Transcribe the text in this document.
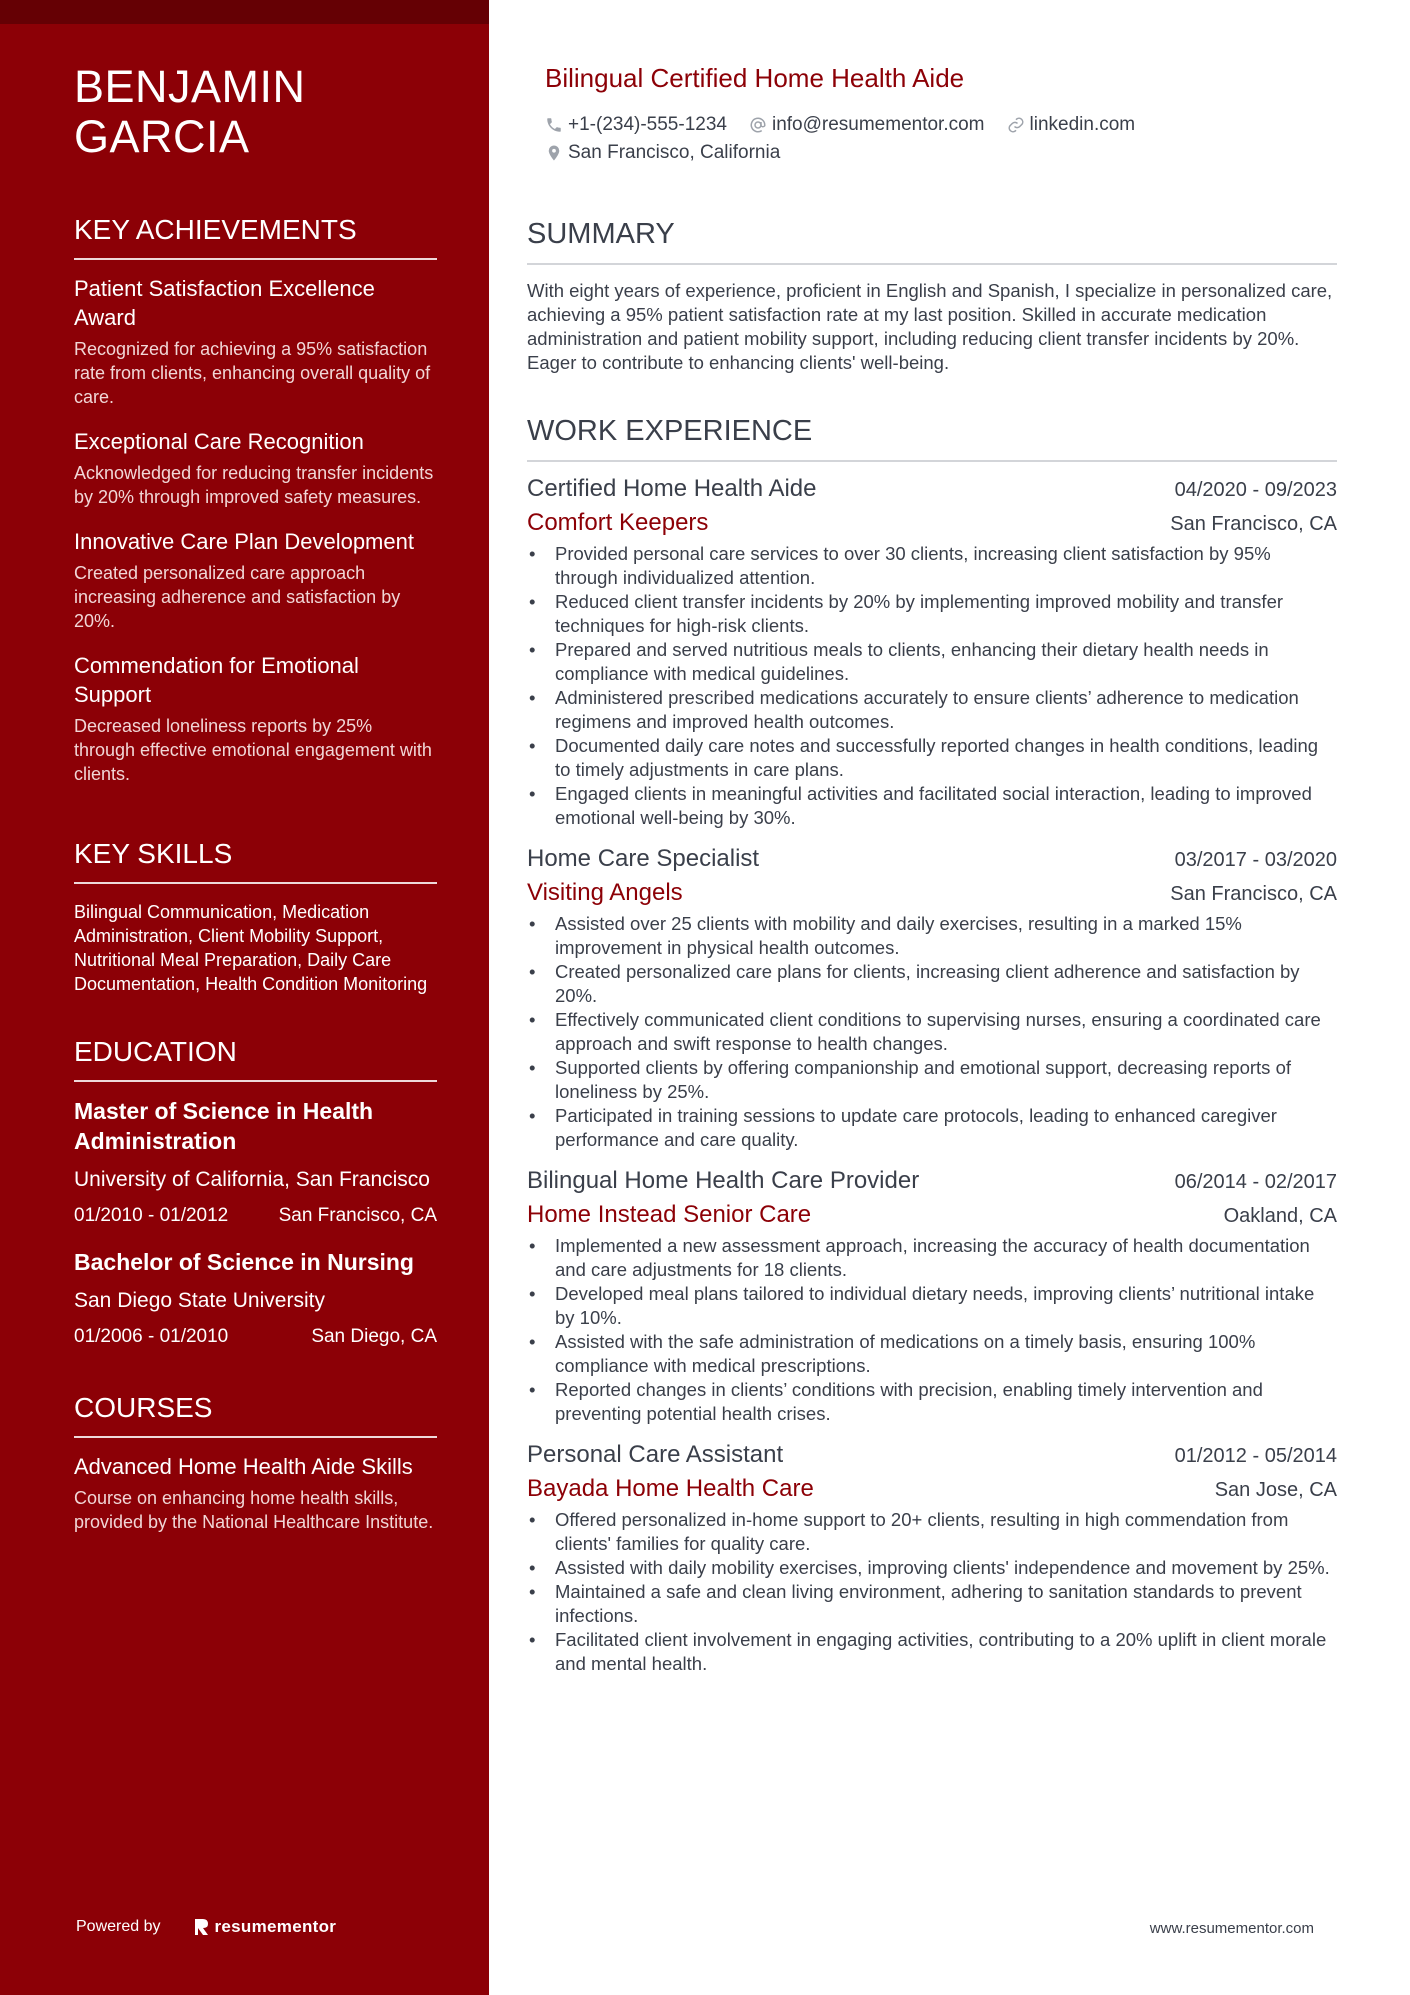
BENJAMIN
GARCIA
KEY ACHIEVEMENTS

Patient Satisfaction Excellence Award

Recognized for achieving a 95% satisfaction rate from clients, enhancing overall quality of care.

Exceptional Care Recognition

Acknowledged for reducing transfer incidents by 20% through improved safety measures.

Innovative Care Plan Development

Created personalized care approach increasing adherence and satisfaction by 20%.

Commendation for Emotional Support

Decreased loneliness reports by 25% through effective emotional engagement with clients.

KEY SKILLS

Bilingual Communication, Medication Administration, Client Mobility Support, Nutritional Meal Preparation, Daily Care Documentation, Health Condition Monitoring

EDUCATION

Master of Science in Health Administration

University of California, San Francisco

01/2010 - 01/2012	San Francisco, CA

Bachelor of Science in Nursing

San Diego State University

01/2006 - 01/2010	San Diego, CA
COURSES

Advanced Home Health Aide Skills

Course on enhancing home health skills, provided by the National Healthcare Institute.

Powered by	resumementor
Bilingual Certified Home Health Aide
+1-(234)-555-1234 info@resumementor.com linkedin.com
San Francisco, California
SUMMARY

With eight years of experience, proficient in English and Spanish, I specialize in personalized care, achieving a 95% patient satisfaction rate at my last position. Skilled in accurate medication administration and patient mobility support, including reducing client transfer incidents by 20%. Eager to contribute to enhancing clients' well-being.

WORK EXPERIENCE
Certified Home Health Aide	04/2020 - 09/2023
Comfort Keepers	San Francisco, CA
• Provided personal care services to over 30 clients, increasing client satisfaction by 95% through individualized attention.
• Reduced client transfer incidents by 20% by implementing improved mobility and transfer techniques for high-risk clients.
• Prepared and served nutritious meals to clients, enhancing their dietary health needs in compliance with medical guidelines.
• Administered prescribed medications accurately to ensure clients’ adherence to medication regimens and improved health outcomes.
• Documented daily care notes and successfully reported changes in health conditions, leading to timely adjustments in care plans.
• Engaged clients in meaningful activities and facilitated social interaction, leading to improved emotional well-being by 30%.
Home Care Specialist	03/2017 - 03/2020
Visiting Angels	San Francisco, CA
• Assisted over 25 clients with mobility and daily exercises, resulting in a marked 15% improvement in physical health outcomes.
• Created personalized care plans for clients, increasing client adherence and satisfaction by 20%.
• Effectively communicated client conditions to supervising nurses, ensuring a coordinated care approach and swift response to health changes.
• Supported clients by offering companionship and emotional support, decreasing reports of loneliness by 25%.
• Participated in training sessions to update care protocols, leading to enhanced caregiver performance and care quality.
Bilingual Home Health Care Provider	06/2014 - 02/2017
Home Instead Senior Care	Oakland, CA
• Implemented a new assessment approach, increasing the accuracy of health documentation and care adjustments for 18 clients.
• Developed meal plans tailored to individual dietary needs, improving clients’ nutritional intake by 10%.
• Assisted with the safe administration of medications on a timely basis, ensuring 100% compliance with medical prescriptions.
• Reported changes in clients’ conditions with precision, enabling timely intervention and preventing potential health crises.
Personal Care Assistant	01/2012 - 05/2014
Bayada Home Health Care	San Jose, CA
• Offered personalized in-home support to 20+ clients, resulting in high commendation from clients' families for quality care.
• Assisted with daily mobility exercises, improving clients' independence and movement by 25%.
• Maintained a safe and clean living environment, adhering to sanitation standards to prevent infections.
• Facilitated client involvement in engaging activities, contributing to a 20% uplift in client morale and mental health.
www.resumementor.com
